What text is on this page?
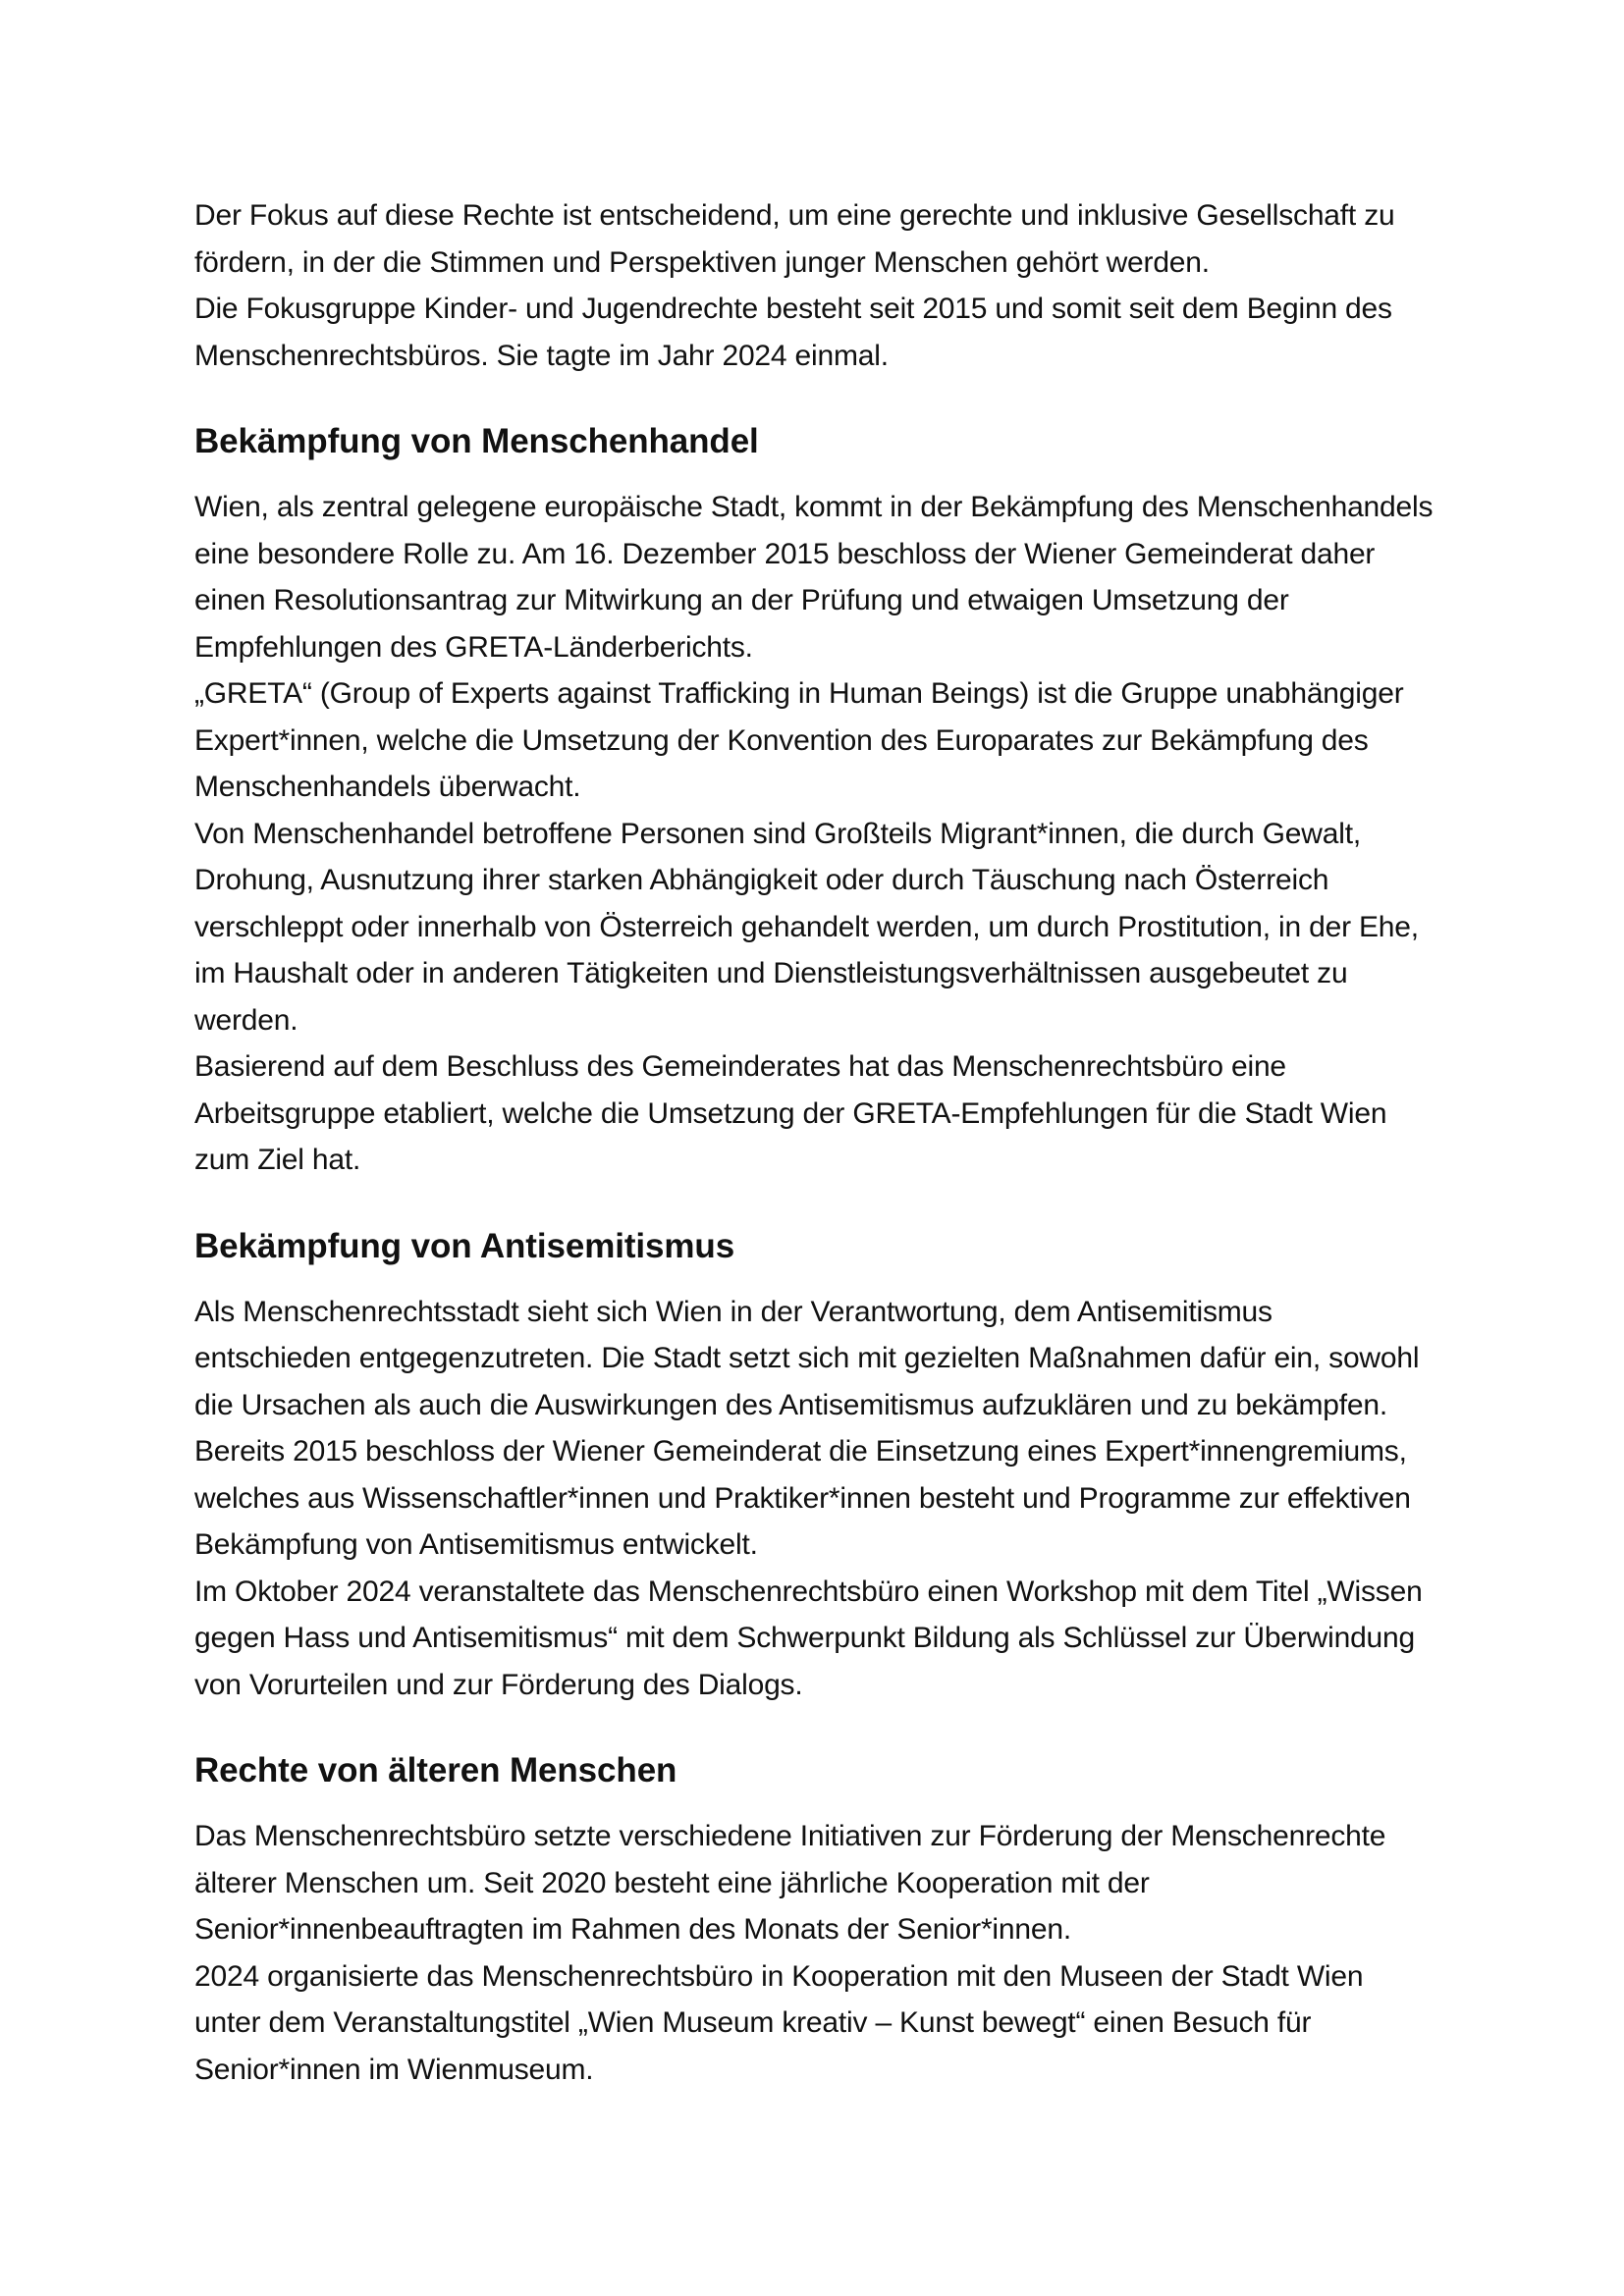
Der Fokus auf diese Rechte ist entscheidend, um eine gerechte und inklusive Gesellschaft zu fördern, in der die Stimmen und Perspektiven junger Menschen gehört werden.

Die Fokusgruppe Kinder- und Jugendrechte besteht seit 2015 und somit seit dem Beginn des Menschenrechtsbüros. Sie tagte im Jahr 2024 einmal.

Bekämpfung von Menschenhandel

Wien, als zentral gelegene europäische Stadt, kommt in der Bekämpfung des Menschenhandels eine besondere Rolle zu. Am 16. Dezember 2015 beschloss der Wiener Gemeinderat daher einen Resolutionsantrag zur Mitwirkung an der Prüfung und etwaigen Umsetzung der Empfehlungen des GRETA-Länderberichts.

„GRETA“ (Group of Experts against Trafficking in Human Beings) ist die Gruppe unabhängiger Expert*innen, welche die Umsetzung der Konvention des Europarates zur Bekämpfung des Menschenhandels überwacht.

Von Menschenhandel betroffene Personen sind Großteils Migrant*innen, die durch Gewalt, Drohung, Ausnutzung ihrer starken Abhängigkeit oder durch Täuschung nach Österreich verschleppt oder innerhalb von Österreich gehandelt werden, um durch Prostitution, in der Ehe, im Haushalt oder in anderen Tätigkeiten und Dienstleistungsverhältnissen ausgebeutet zu werden.

Basierend auf dem Beschluss des Gemeinderates hat das Menschenrechtsbüro eine Arbeitsgruppe etabliert, welche die Umsetzung der GRETA-Empfehlungen für die Stadt Wien zum Ziel hat.

Bekämpfung von Antisemitismus

Als Menschenrechtsstadt sieht sich Wien in der Verantwortung, dem Antisemitismus entschieden entgegenzutreten. Die Stadt setzt sich mit gezielten Maßnahmen dafür ein, sowohl die Ursachen als auch die Auswirkungen des Antisemitismus aufzuklären und zu bekämpfen. Bereits 2015 beschloss der Wiener Gemeinderat die Einsetzung eines Expert*innengremiums, welches aus Wissenschaftler*innen und Praktiker*innen besteht und Programme zur effektiven Bekämpfung von Antisemitismus entwickelt.

Im Oktober 2024 veranstaltete das Menschenrechtsbüro einen Workshop mit dem Titel „Wissen gegen Hass und Antisemitismus“ mit dem Schwerpunkt Bildung als Schlüssel zur Überwindung von Vorurteilen und zur Förderung des Dialogs.

Rechte von älteren Menschen

Das Menschenrechtsbüro setzte verschiedene Initiativen zur Förderung der Menschenrechte älterer Menschen um. Seit 2020 besteht eine jährliche Kooperation mit der Senior*innenbeauftragten im Rahmen des Monats der Senior*innen.

2024 organisierte das Menschenrechtsbüro in Kooperation mit den Museen der Stadt Wien unter dem Veranstaltungstitel „Wien Museum kreativ – Kunst bewegt“ einen Besuch für Senior*innen im Wienmuseum.
